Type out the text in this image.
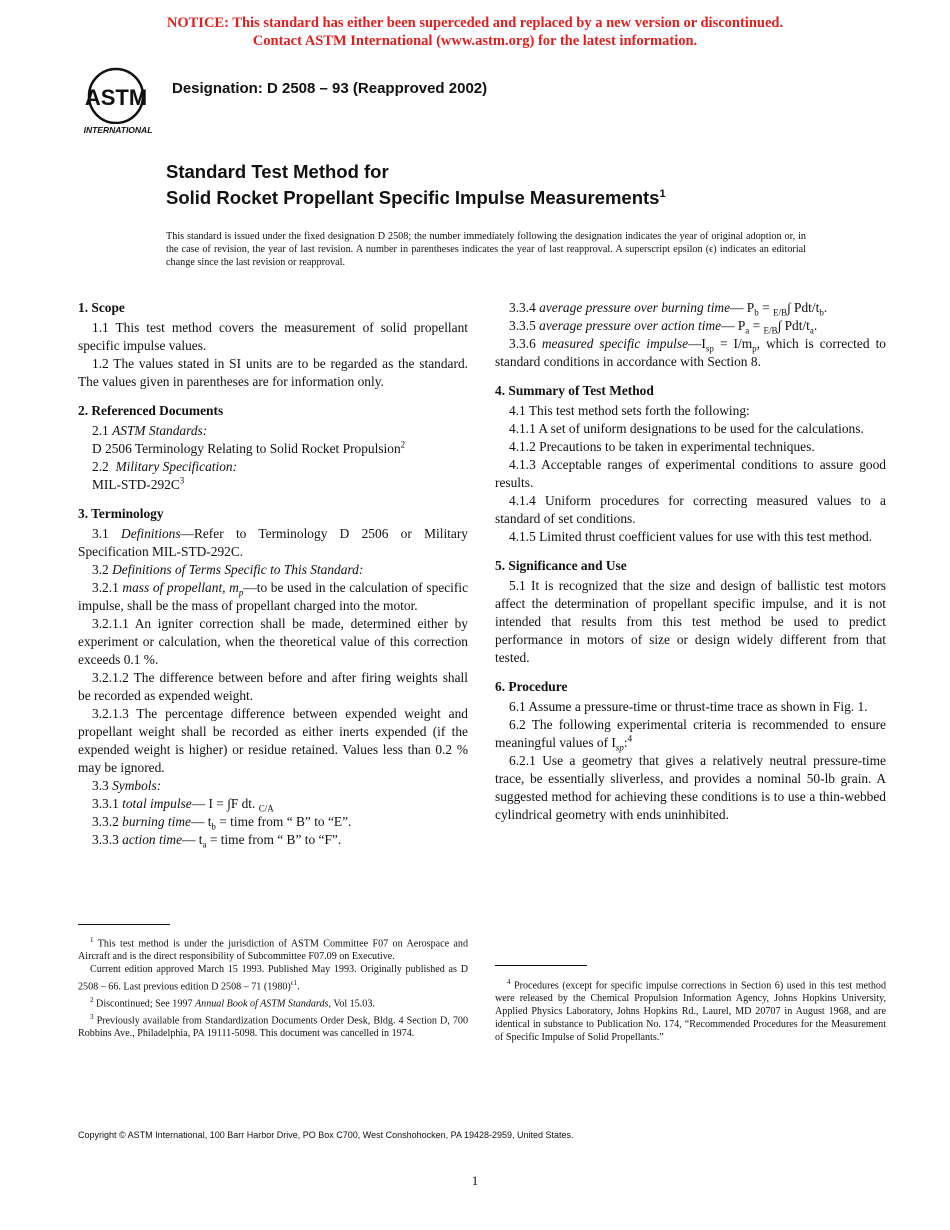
NOTICE: This standard has either been superceded and replaced by a new version or discontinued.
Contact ASTM International (www.astm.org) for the latest information.
ASTM
INTERNATIONAL
Designation: D 2508 – 93 (Reapproved 2002)
Standard Test Method for
Solid Rocket Propellant Specific Impulse Measurements$^1$
This standard is issued under the fixed designation D 2508; the number immediately following the designation indicates the year of original adoption or, in the case of revision, the year of last revision. A number in parentheses indicates the year of last reapproval. A superscript epsilon (ϵ) indicates an editorial change since the last revision or reapproval.

1. Scope

1.1 This test method covers the measurement of solid propellant specific impulse values.

1.2 The values stated in SI units are to be regarded as the standard. The values given in parentheses are for information only.

2. Referenced Documents

2.1 ASTM Standards:

D 2506 Terminology Relating to Solid Rocket Propulsion$^2$

2.2 Military Specification:

MIL-$STD-292C^3$

3. Terminology

3.1 Definitions—Refer to Terminology D 2506 or Military Specification MIL-STD-292C.

3.2 Definitions of Terms Specific to This Standard:

3.2.1 mass of propellant, $m_p—to$ be used in the calculation of specific impulse, shall be the mass of propellant charged into the motor.

3.2.1.1 An igniter correction shall be made, determined either by experiment or calculation, when the theoretical value of this correction exceeds 0.1 %.

3.2.1.2 The difference between before and after firing weights shall be recorded as expended weight.

3.2.1.3 The percentage difference between expended weight and propellant weight shall be recorded as either inerts expended (if the expended weight is higher) or residue retained. Values less than 0.2 % may be ignored.

3.3 Symbols:

3.3.1 total impulse— I = ∫F dt. $_{C/A}$

3.3.2 burning time— $t_b$ = time from “ B” to “E”.

3.3.3 action time— $t_a$ = time from “ B” to “F”.

$^1$ This test method is under the jurisdiction of ASTM Committee F07 on Aerospace and Aircraft and is the direct responsibility of Subcommittee F07.09 on Executive.

Current edition approved March 15 1993. Published May 1993. Originally published as D 2508 – 66. Last previous edition D 2508 – 71 $(1980)^{\epsilon 1}$.

$^2$ Discontinued; See 1997 Annual Book of ASTM Standards, Vol 15.03.

$^3$ Previously available from Standardization Documents Order Desk, Bldg. 4 Section D, 700 Robbins Ave., Philadelphia, PA 19111-5098. This document was cancelled in 1974.

3.3.4 average pressure over burning time— $P_b = _{E/B}\int$ Pdt/$t_b$.

3.3.5 average pressure over action time— $P_a = _{E/B}\int$ Pdt/$t_a$.

3.3.6 measured specific $impulse—I_{sp} = I/m_p$, which is corrected to standard conditions in accordance with Section 8.

4. Summary of Test Method

4.1 This test method sets forth the following:

4.1.1 A set of uniform designations to be used for the calculations.

4.1.2 Precautions to be taken in experimental techniques.

4.1.3 Acceptable ranges of experimental conditions to assure good results.

4.1.4 Uniform procedures for correcting measured values to a standard of set conditions.

4.1.5 Limited thrust coefficient values for use with this test method.

5. Significance and Use

5.1 It is recognized that the size and design of ballistic test motors affect the determination of propellant specific impulse, and it is not intended that results from this test method be used to predict performance in motors of size or design widely different from that tested.

6. Procedure

6.1 Assume a pressure-time or thrust-time trace as shown in Fig. 1.

6.2 The following experimental criteria is recommended to ensure meaningful values of $I_{sp}:^4$

6.2.1 Use a geometry that gives a relatively neutral pressure-time trace, be essentially sliverless, and provides a nominal 50-lb grain. A suggested method for achieving these conditions is to use a thin-webbed cylindrical geometry with ends uninhibited.

$^4$ Procedures (except for specific impulse corrections in Section 6) used in this test method were released by the Chemical Propulsion Information Agency, Johns Hopkins University, Applied Physics Laboratory, Johns Hopkins Rd., Laurel, MD 20707 in August 1968, and are identical in substance to Publication No. 174, “Recommended Procedures for the Measurement of Specific Impulse of Solid Propellants.”

Copyright © ASTM International, 100 Barr Harbor Drive, PO Box C700, West Conshohocken, PA 19428-2959, United States.
1
